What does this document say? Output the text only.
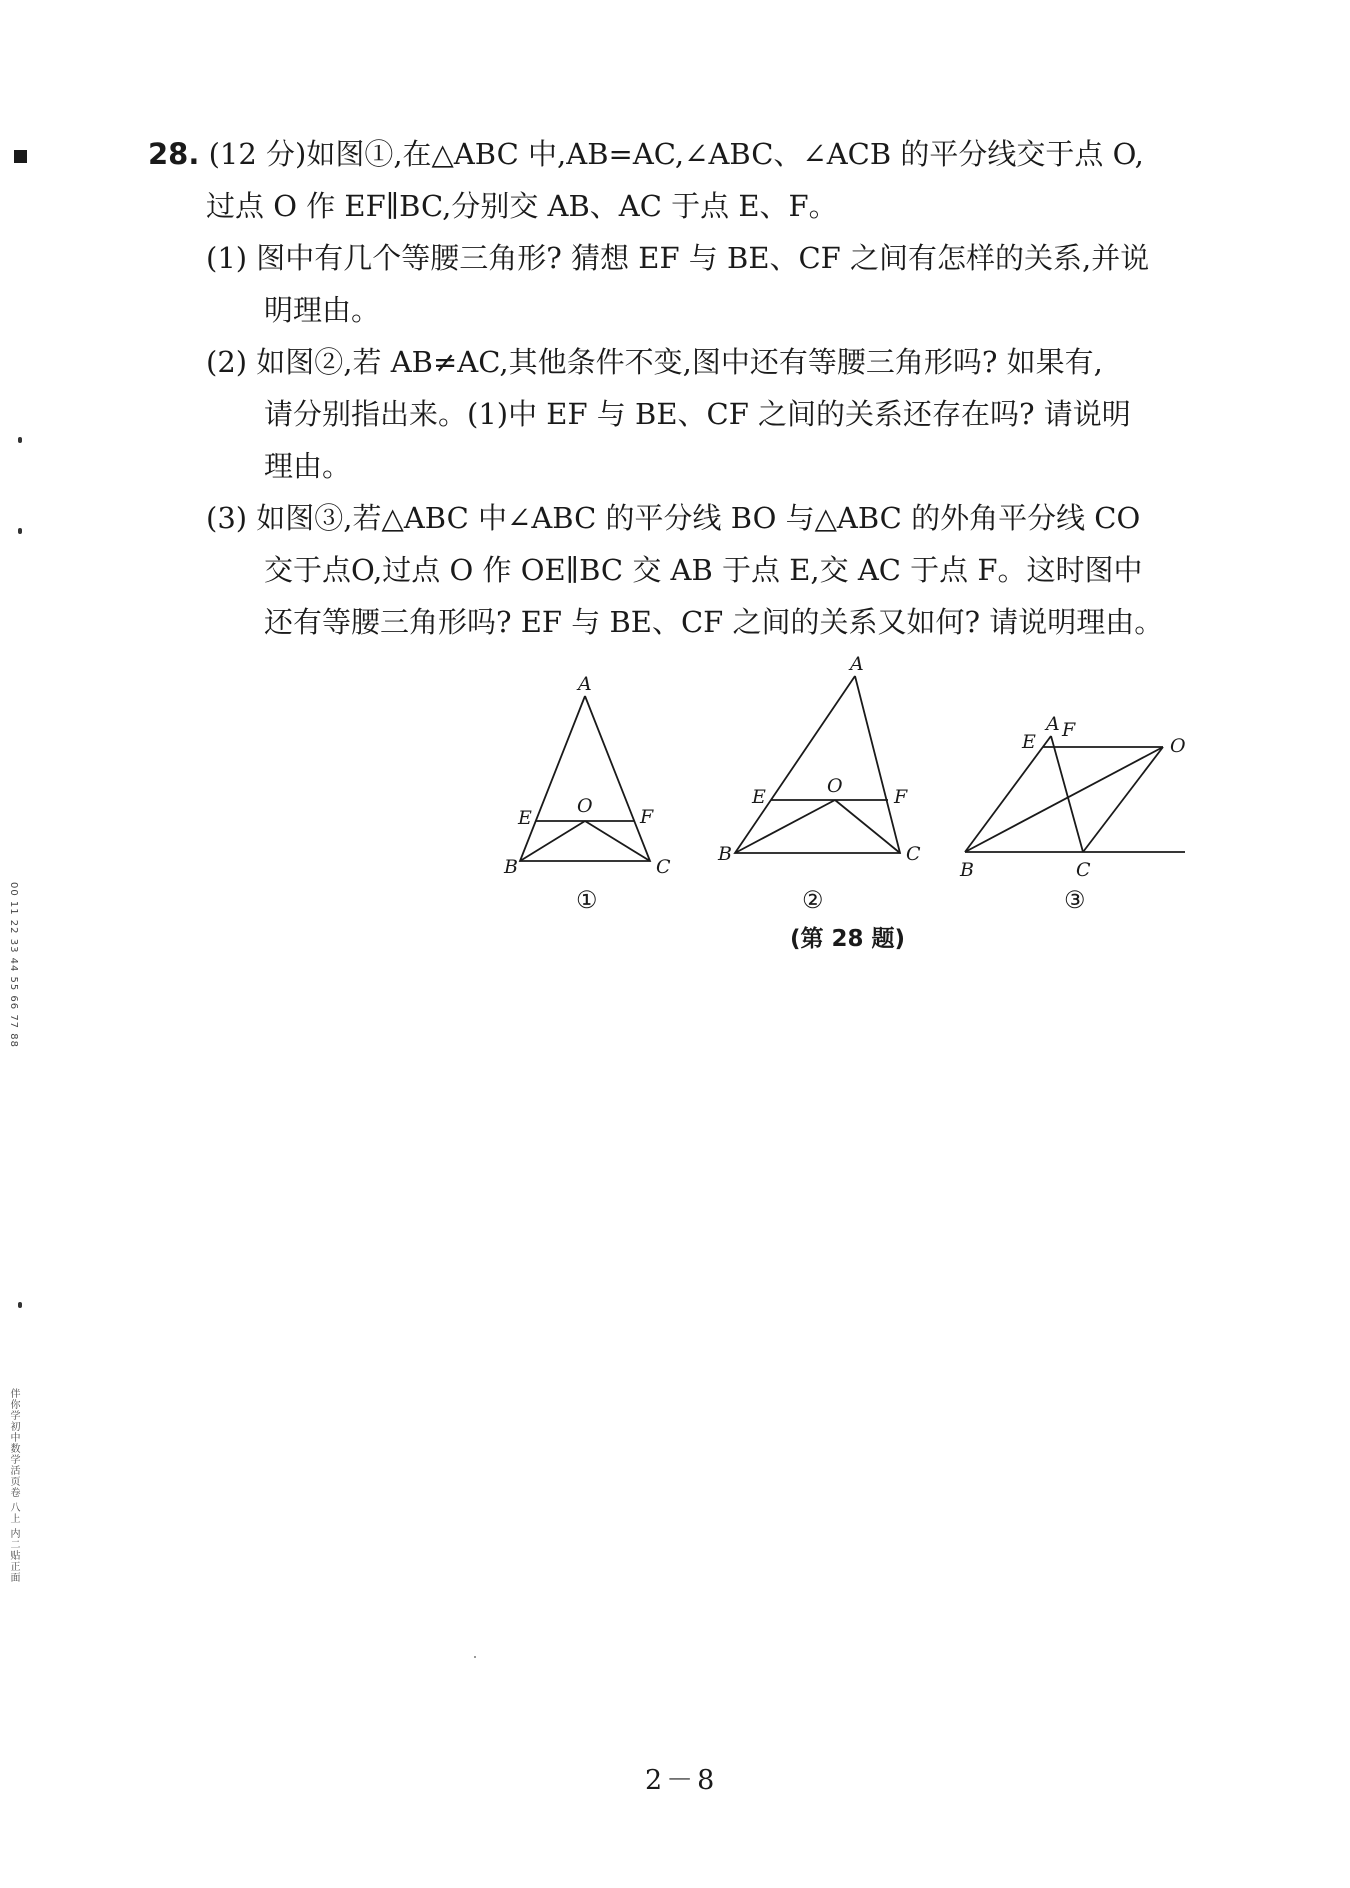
00 11 22 33 44 55 66 77 88
伴你学初中数学活页卷 八上 内二贴正面
28. (12 分)如图①,在△ABC 中,AB=AC,∠ABC、∠ACB 的平分线交于点 O,
过点 O 作 EF∥BC,分别交 AB、AC 于点 E、F。
(1) 图中有几个等腰三角形? 猜想 EF 与 BE、CF 之间有怎样的关系,并说
明理由。
(2) 如图②,若 AB≠AC,其他条件不变,图中还有等腰三角形吗? 如果有,
请分别指出来。(1)中 EF 与 BE、CF 之间的关系还存在吗? 请说明
理由。
(3) 如图③,若△ABC 中∠ABC 的平分线 BO 与△ABC 的外角平分线 CO
交于点O,过点 O 作 OE∥BC 交 AB 于点 E,交 AC 于点 F。这时图中
还有等腰三角形吗? EF 与 BE、CF 之间的关系又如何? 请说明理由。
A
B	C
E	F
O
①
A
B	C
E	F
O
②
A
B	C
E
F
O
③
(第 28 题)
2－8
